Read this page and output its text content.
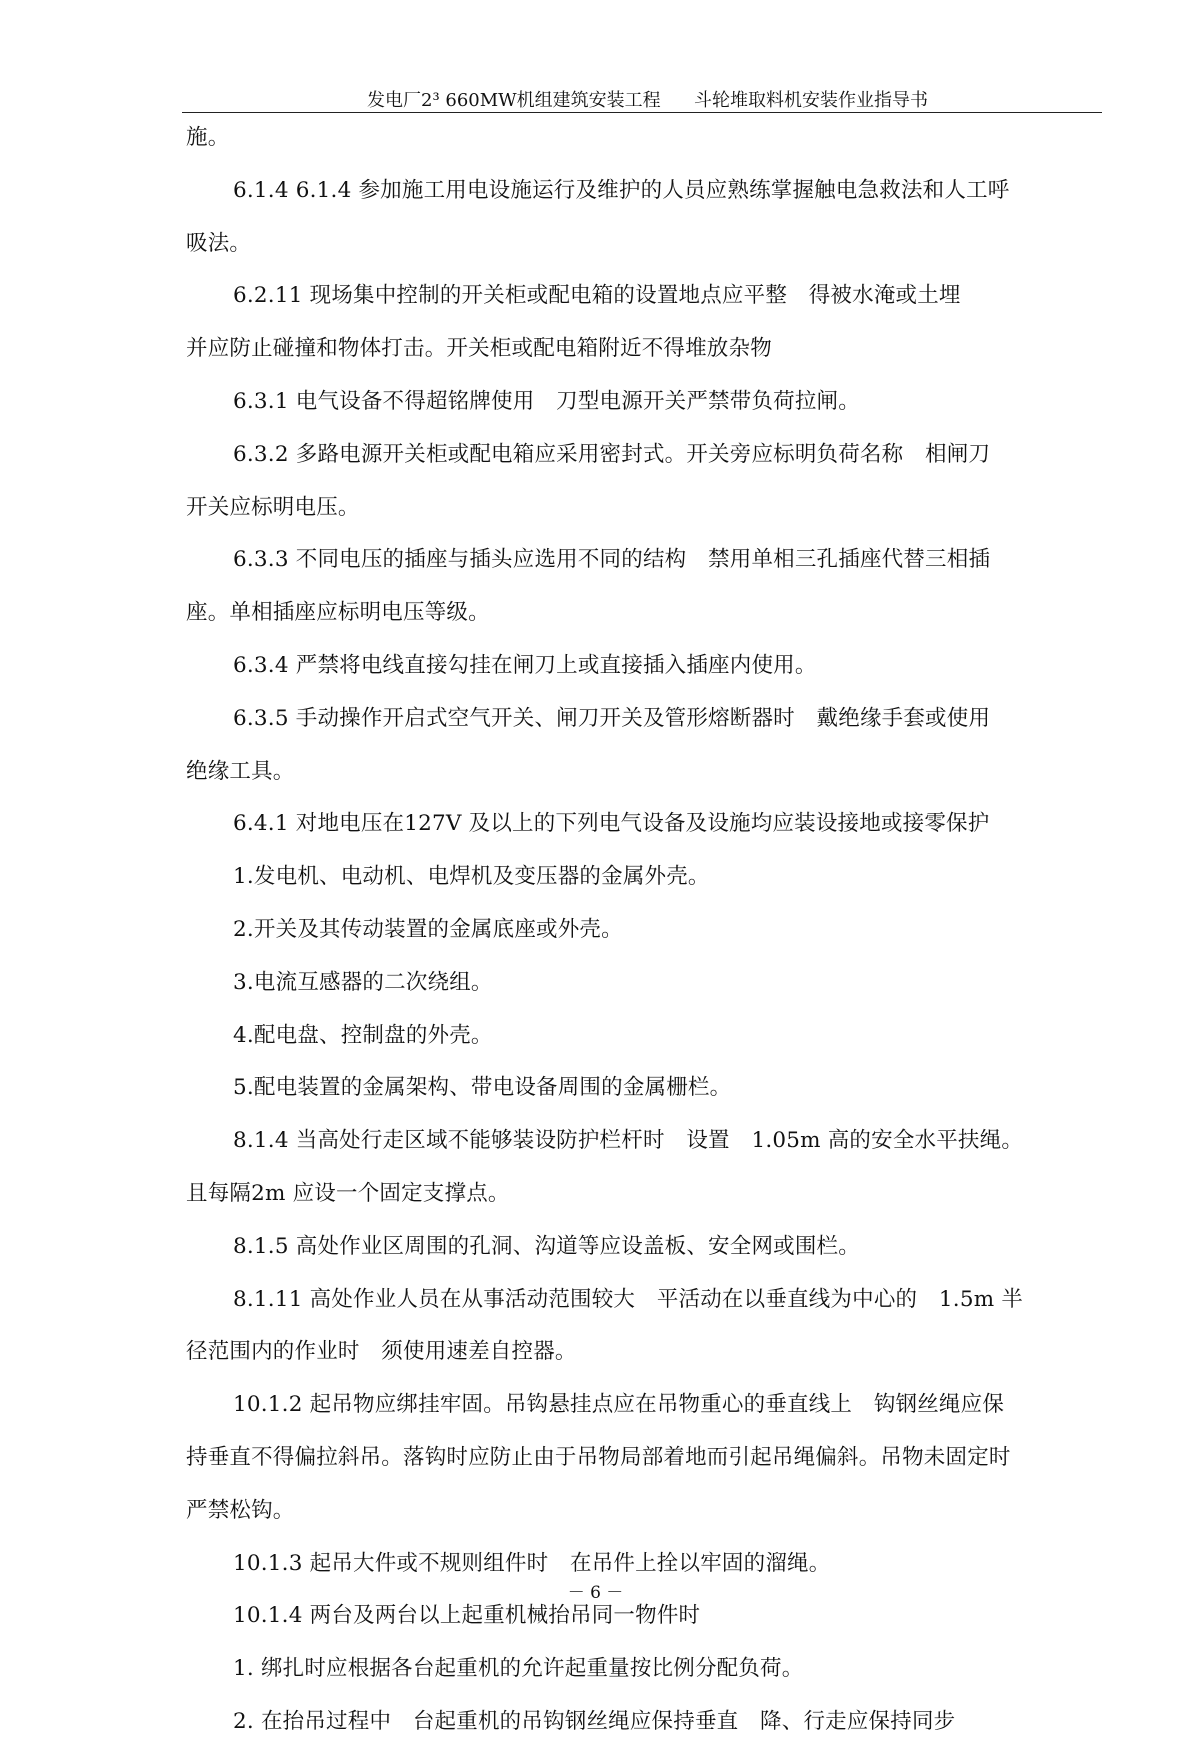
发电厂2³ 660MW机组建筑安装工程 斗轮堆取料机安装作业指导书
施。
6.1.4 6.1.4 参加施工用电设施运行及维护的人员应熟练掌握触电急救法和人工呼
吸法。
6.2.11 现场集中控制的开关柜或配电箱的设置地点应平整　得被水淹或土埋
并应防止碰撞和物体打击。开关柜或配电箱附近不得堆放杂物
6.3.1 电气设备不得超铭牌使用　刀型电源开关严禁带负荷拉闸。
6.3.2 多路电源开关柜或配电箱应采用密封式。开关旁应标明负荷名称　相闸刀
开关应标明电压。
6.3.3 不同电压的插座与插头应选用不同的结构　禁用单相三孔插座代替三相插
座。单相插座应标明电压等级。
6.3.4 严禁将电线直接勾挂在闸刀上或直接插入插座内使用。
6.3.5 手动操作开启式空气开关、闸刀开关及管形熔断器时　戴绝缘手套或使用
绝缘工具。
6.4.1 对地电压在127V 及以上的下列电气设备及设施均应装设接地或接零保护
1.发电机、电动机、电焊机及变压器的金属外壳。
2.开关及其传动装置的金属底座或外壳。
3.电流互感器的二次绕组。
4.配电盘、控制盘的外壳。
5.配电装置的金属架构、带电设备周围的金属栅栏。
8.1.4 当高处行走区域不能够装设防护栏杆时　设置　1.05m 高的安全水平扶绳。
且每隔2m 应设一个固定支撑点。
8.1.5 高处作业区周围的孔洞、沟道等应设盖板、安全网或围栏。
8.1.11 高处作业人员在从事活动范围较大　平活动在以垂直线为中心的　1.5m 半
径范围内的作业时　须使用速差自控器。
10.1.2 起吊物应绑挂牢固。吊钩悬挂点应在吊物重心的垂直线上　钩钢丝绳应保
持垂直不得偏拉斜吊。落钩时应防止由于吊物局部着地而引起吊绳偏斜。吊物未固定时
严禁松钩。
10.1.3 起吊大件或不规则组件时　在吊件上拴以牢固的溜绳。
10.1.4 两台及两台以上起重机械抬吊同一物件时
1. 绑扎时应根据各台起重机的允许起重量按比例分配负荷。
2. 在抬吊过程中　台起重机的吊钩钢丝绳应保持垂直　降、行走应保持同步
－ 6 －
